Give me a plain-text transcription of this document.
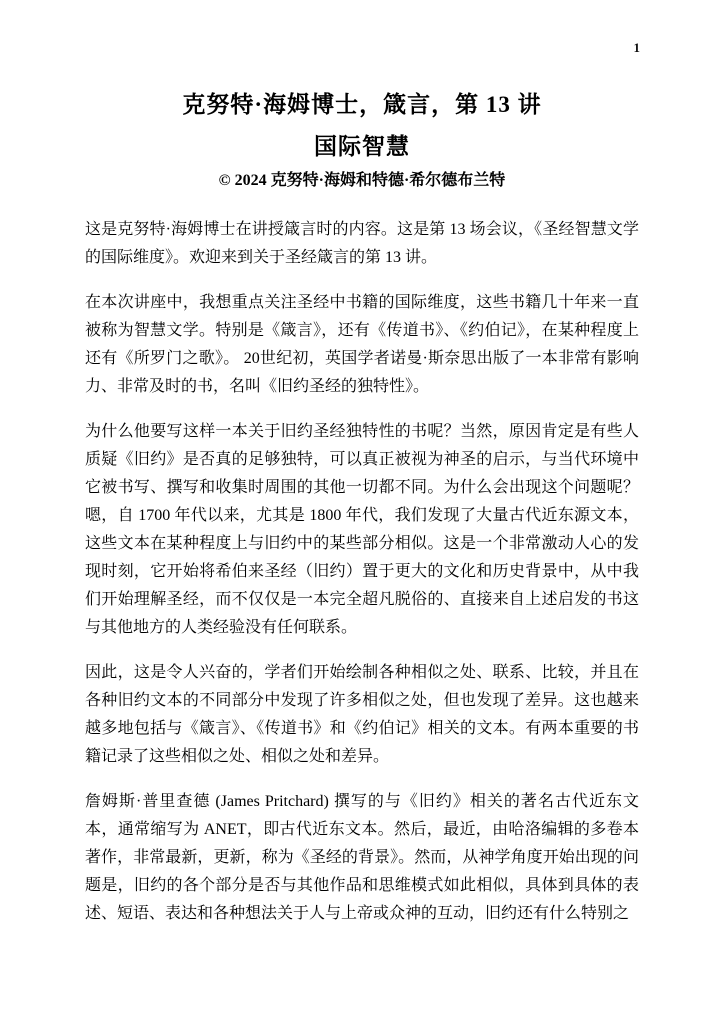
1
克努特·海姆博士，箴言，第 13 讲
国际智慧
© 2024 克努特·海姆和特德·希尔德布兰特

这是克努特·海姆博士在讲授箴言时的内容。这是第 13 场会议，《圣经智慧文学的国际维度》。欢迎来到关于圣经箴言的第 13 讲。

在本次讲座中，我想重点关注圣经中书籍的国际维度，这些书籍几十年来一直被称为智慧文学。特别是《箴言》，还有《传道书》、《约伯记》，在某种程度上还有《所罗门之歌》。 20世纪初，英国学者诺曼·斯奈思出版了一本非常有影响力、非常及时的书，名叫《旧约圣经的独特性》。

为什么他要写这样一本关于旧约圣经独特性的书呢？当然，原因肯定是有些人质疑《旧约》是否真的足够独特，可以真正被视为神圣的启示，与当代环境中它被书写、撰写和收集时周围的其他一切都不同。为什么会出现这个问题呢？嗯，自 1700 年代以来，尤其是 1800 年代，我们发现了大量古代近东源文本，这些文本在某种程度上与旧约中的某些部分相似。这是一个非常激动人心的发现时刻，它开始将希伯来圣经（旧约）置于更大的文化和历史背景中，从中我们开始理解圣经，而不仅仅是一本完全超凡脱俗的、直接来自上述启发的书这与其他地方的人类经验没有任何联系。

因此，这是令人兴奋的，学者们开始绘制各种相似之处、联系、比较，并且在各种旧约文本的不同部分中发现了许多相似之处，但也发现了差异。这也越来越多地包括与《箴言》、《传道书》和《约伯记》相关的文本。有两本重要的书籍记录了这些相似之处、相似之处和差异。

詹姆斯·普里查德 (James Pritchard) 撰写的与《旧约》相关的著名古代近东文本，通常缩写为 ANET，即古代近东文本。然后，最近，由哈洛编辑的多卷本著作，非常最新，更新，称为《圣经的背景》。然而，从神学角度开始出现的问题是，旧约的各个部分是否与其他作品和思维模式如此相似，具体到具体的表述、短语、表达和各种想法关于人与上帝或众神的互动，旧约还有什么特别之
